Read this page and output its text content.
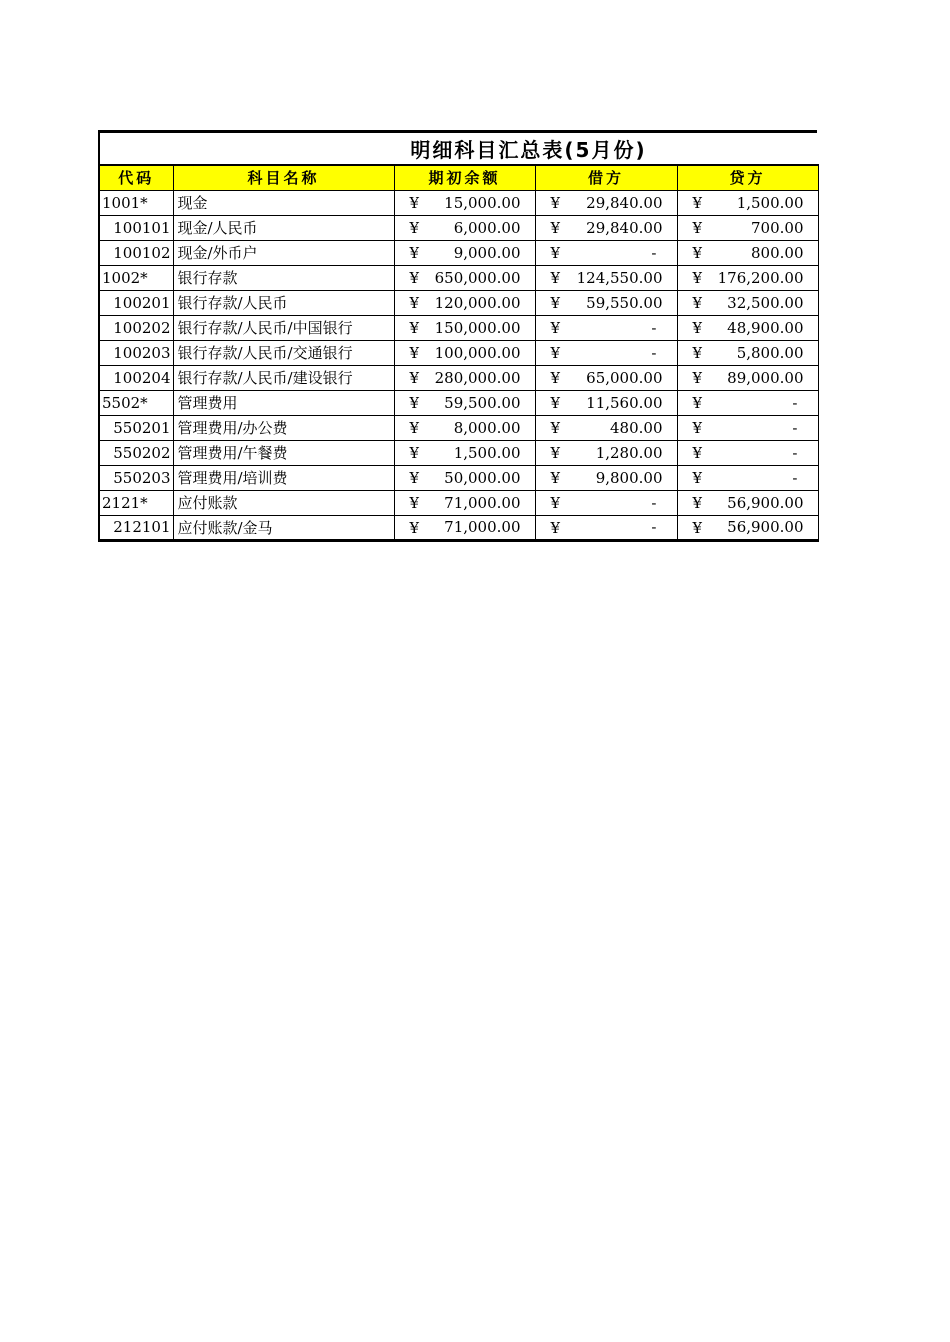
明细科目汇总表(5月份)
代码	科目名称	期初余额	借方	贷方
1001*	现金	¥ 15,000.00	¥ 29,840.00	¥ 1,500.00
100101	现金/人民币	¥ 6,000.00	¥ 29,840.00	¥ 700.00
100102	现金/外币户	¥ 9,000.00	¥ -	¥ 800.00
1002*	银行存款	¥ 650,000.00	¥ 124,550.00	¥ 176,200.00
100201	银行存款/人民币	¥ 120,000.00	¥ 59,550.00	¥ 32,500.00
100202	银行存款/人民币/中国银行	¥ 150,000.00	¥ -	¥ 48,900.00
100203	银行存款/人民币/交通银行	¥ 100,000.00	¥ -	¥ 5,800.00
100204	银行存款/人民币/建设银行	¥ 280,000.00	¥ 65,000.00	¥ 89,000.00
5502*	管理费用	¥ 59,500.00	¥ 11,560.00	¥ -
550201	管理费用/办公费	¥ 8,000.00	¥ 480.00	¥ -
550202	管理费用/午餐费	¥ 1,500.00	¥ 1,280.00	¥ -
550203	管理费用/培训费	¥ 50,000.00	¥ 9,800.00	¥ -
2121*	应付账款	¥ 71,000.00	¥ -	¥ 56,900.00
212101	应付账款/金马	¥ 71,000.00	¥ -	¥ 56,900.00
